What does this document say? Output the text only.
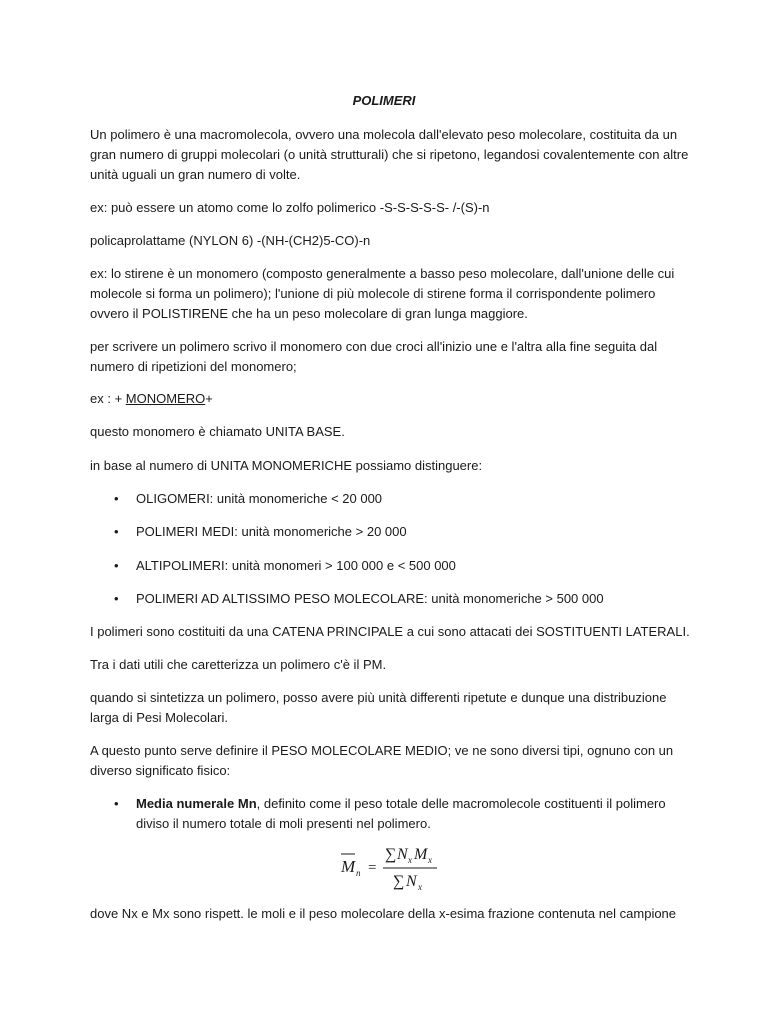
POLIMERI

Un polimero è una macromolecola, ovvero una molecola dall'elevato peso molecolare, costituita da un gran numero di gruppi molecolari (o unità strutturali) che si ripetono, legandosi covalentemente con altre unità uguali un gran numero di volte.

ex: può essere un atomo come lo zolfo polimerico -S-S-S-S-S- /-(S)-n

policaprolattame (NYLON 6) -(NH-(CH2)5-CO)-n

ex: lo stirene è un monomero (composto generalmente a basso peso molecolare, dall'unione delle cui molecole si forma un polimero); l'unione di più molecole di stirene forma il corrispondente polimero ovvero il POLISTIRENE che ha un peso molecolare di gran lunga maggiore.

per scrivere un polimero scrivo il monomero con due croci all'inizio une e l'altra alla fine seguita dal numero di ripetizioni del monomero;

ex : + MONOMERO+

questo monomero è chiamato UNITA BASE.

in base al numero di UNITA MONOMERICHE possiamo distinguere:

• OLIGOMERI: unità monomeriche < 20 000

• POLIMERI MEDI: unità monomeriche > 20 000

• ALTIPOLIMERI: unità monomeri > 100 000 e < 500 000

• POLIMERI AD ALTISSIMO PESO MOLECOLARE: unità monomeriche > 500 000

I polimeri sono costituiti da una CATENA PRINCIPALE a cui sono attacati dei SOSTITUENTI LATERALI.

Tra i dati utili che caretterizza un polimero c'è il PM.

quando si sintetizza un polimero, posso avere più unità differenti ripetute e dunque una distribuzione larga di Pesi Molecolari.

A questo punto serve definire il PESO MOLECOLARE MEDIO; ve ne sono diversi tipi, ognuno con un diverso significato fisico:

• Media numerale Mn, definito come il peso totale delle macromolecole costituenti il polimero diviso il numero totale di moli presenti nel polimero.

M n =
∑ N x M x
∑ N x

dove Nx e Mx sono rispett. le moli e il peso molecolare della x-esima frazione contenuta nel campione
